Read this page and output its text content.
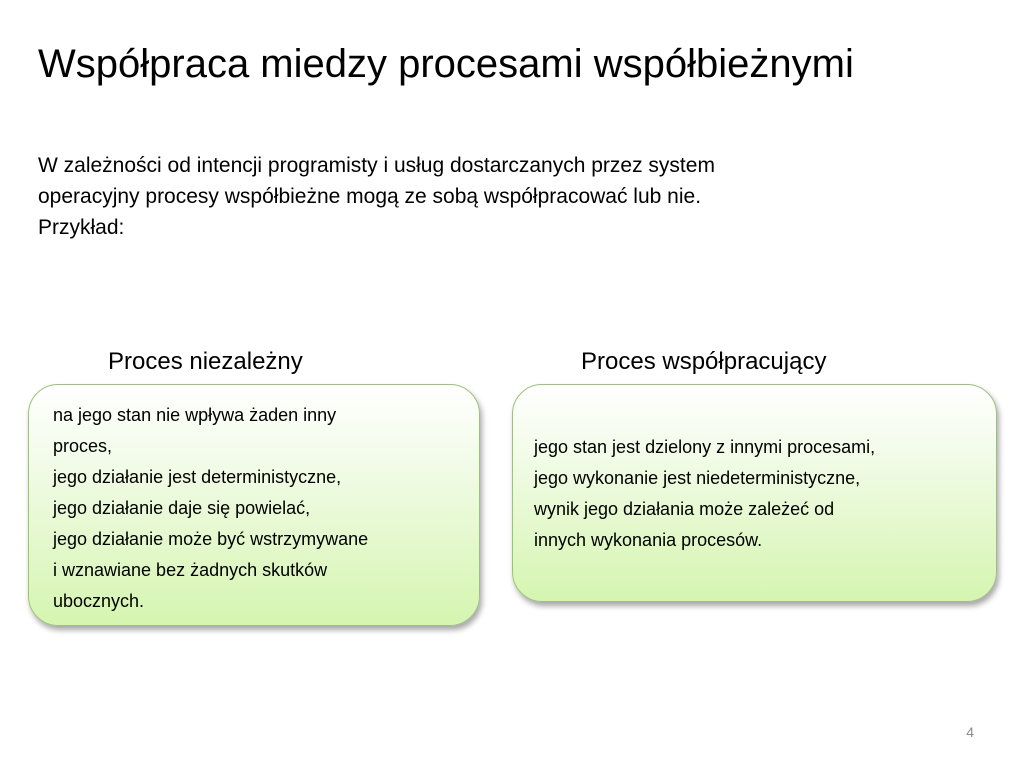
Współpraca miedzy procesami współbieżnymi
W zależności od intencji programisty i usług dostarczanych przez system
operacyjny procesy współbieżne mogą ze sobą współpracować lub nie.
Przykład:
Proces niezależny	Proces współpracujący
na jego stan nie wpływa żaden inny
proces,
jego działanie jest deterministyczne,
jego działanie daje się powielać,
jego działanie może być wstrzymywane
i wznawiane bez żadnych skutków
ubocznych.
jego stan jest dzielony z innymi procesami,
jego wykonanie jest niedeterministyczne,
wynik jego działania może zależeć od
innych wykonania procesów.
4
